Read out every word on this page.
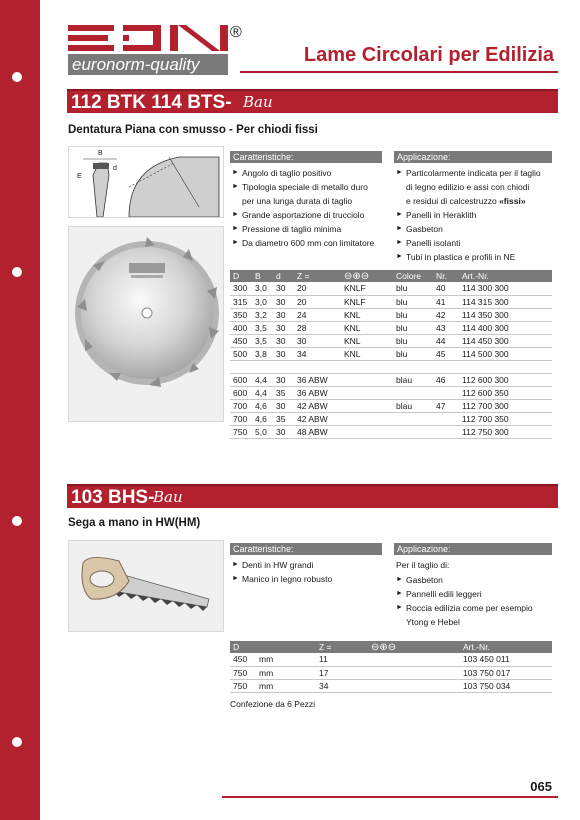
euronorm-quality
®
Lame Circolari per Edilizia
112 BTK 114 BTS- Bau
Dentatura Piana con smusso - Per chiodi fissi
B
d
E
Caratteristiche:
► Angolo di taglio positivo
► Tipologia speciale di metallo duro
per una lunga durata di taglio
► Grande asportazione di trucciolo
► Pressione di taglio minima
► Da diametro 600 mm con limitatore
Applicazione:
► Particolarmente indicata per il taglio
di legno edilizio e assi con chiodi
e residui di calcestruzzo «fissi»
► Panelli in Heraklith
► Gasbeton
► Panelli isolanti
► Tubi in plastica e profili in NE
D	B	d	Z =	⊖⊕⊖	Colore	Nr.	Art.-Nr.
300	3,0	30	20	KNLF	blu	40	114 300 300
315	3,0	30	20	KNLF	blu	41	114 315 300
350	3,2	30	24	KNL	blu	42	114 350 300
400	3,5	30	28	KNL	blu	43	114 400 300
450	3,5	30	30	KNL	blu	44	114 450 300
500	3,8	30	34	KNL	blu	45	114 500 300

600	4,4	30	36 ABW		blau	46	112 600 300
600	4,4	35	36 ABW				112 600 350
700	4,6	30	42 ABW		blau	47	112 700 300
700	4,6	35	42 ABW				112 700 350
750	5,0	30	48 ABW				112 750 300
103 BHS-
Bau
Sega a mano in HW(HM)
Caratteristiche:
► Denti in HW grandi
► Manico in legno robusto
Applicazione:
Per il taglio di:
► Gasbeton
► Pannelli edili leggeri
► Roccia edilizia come per esempio
Ytong e Hebel
D		Z =	⊖⊕⊖	Art.-Nr.
450	mm	11		103 450 011
750	mm	17		103 750 017
750	mm	34		103 750 034
Confezione da 6 Pezzi
065
